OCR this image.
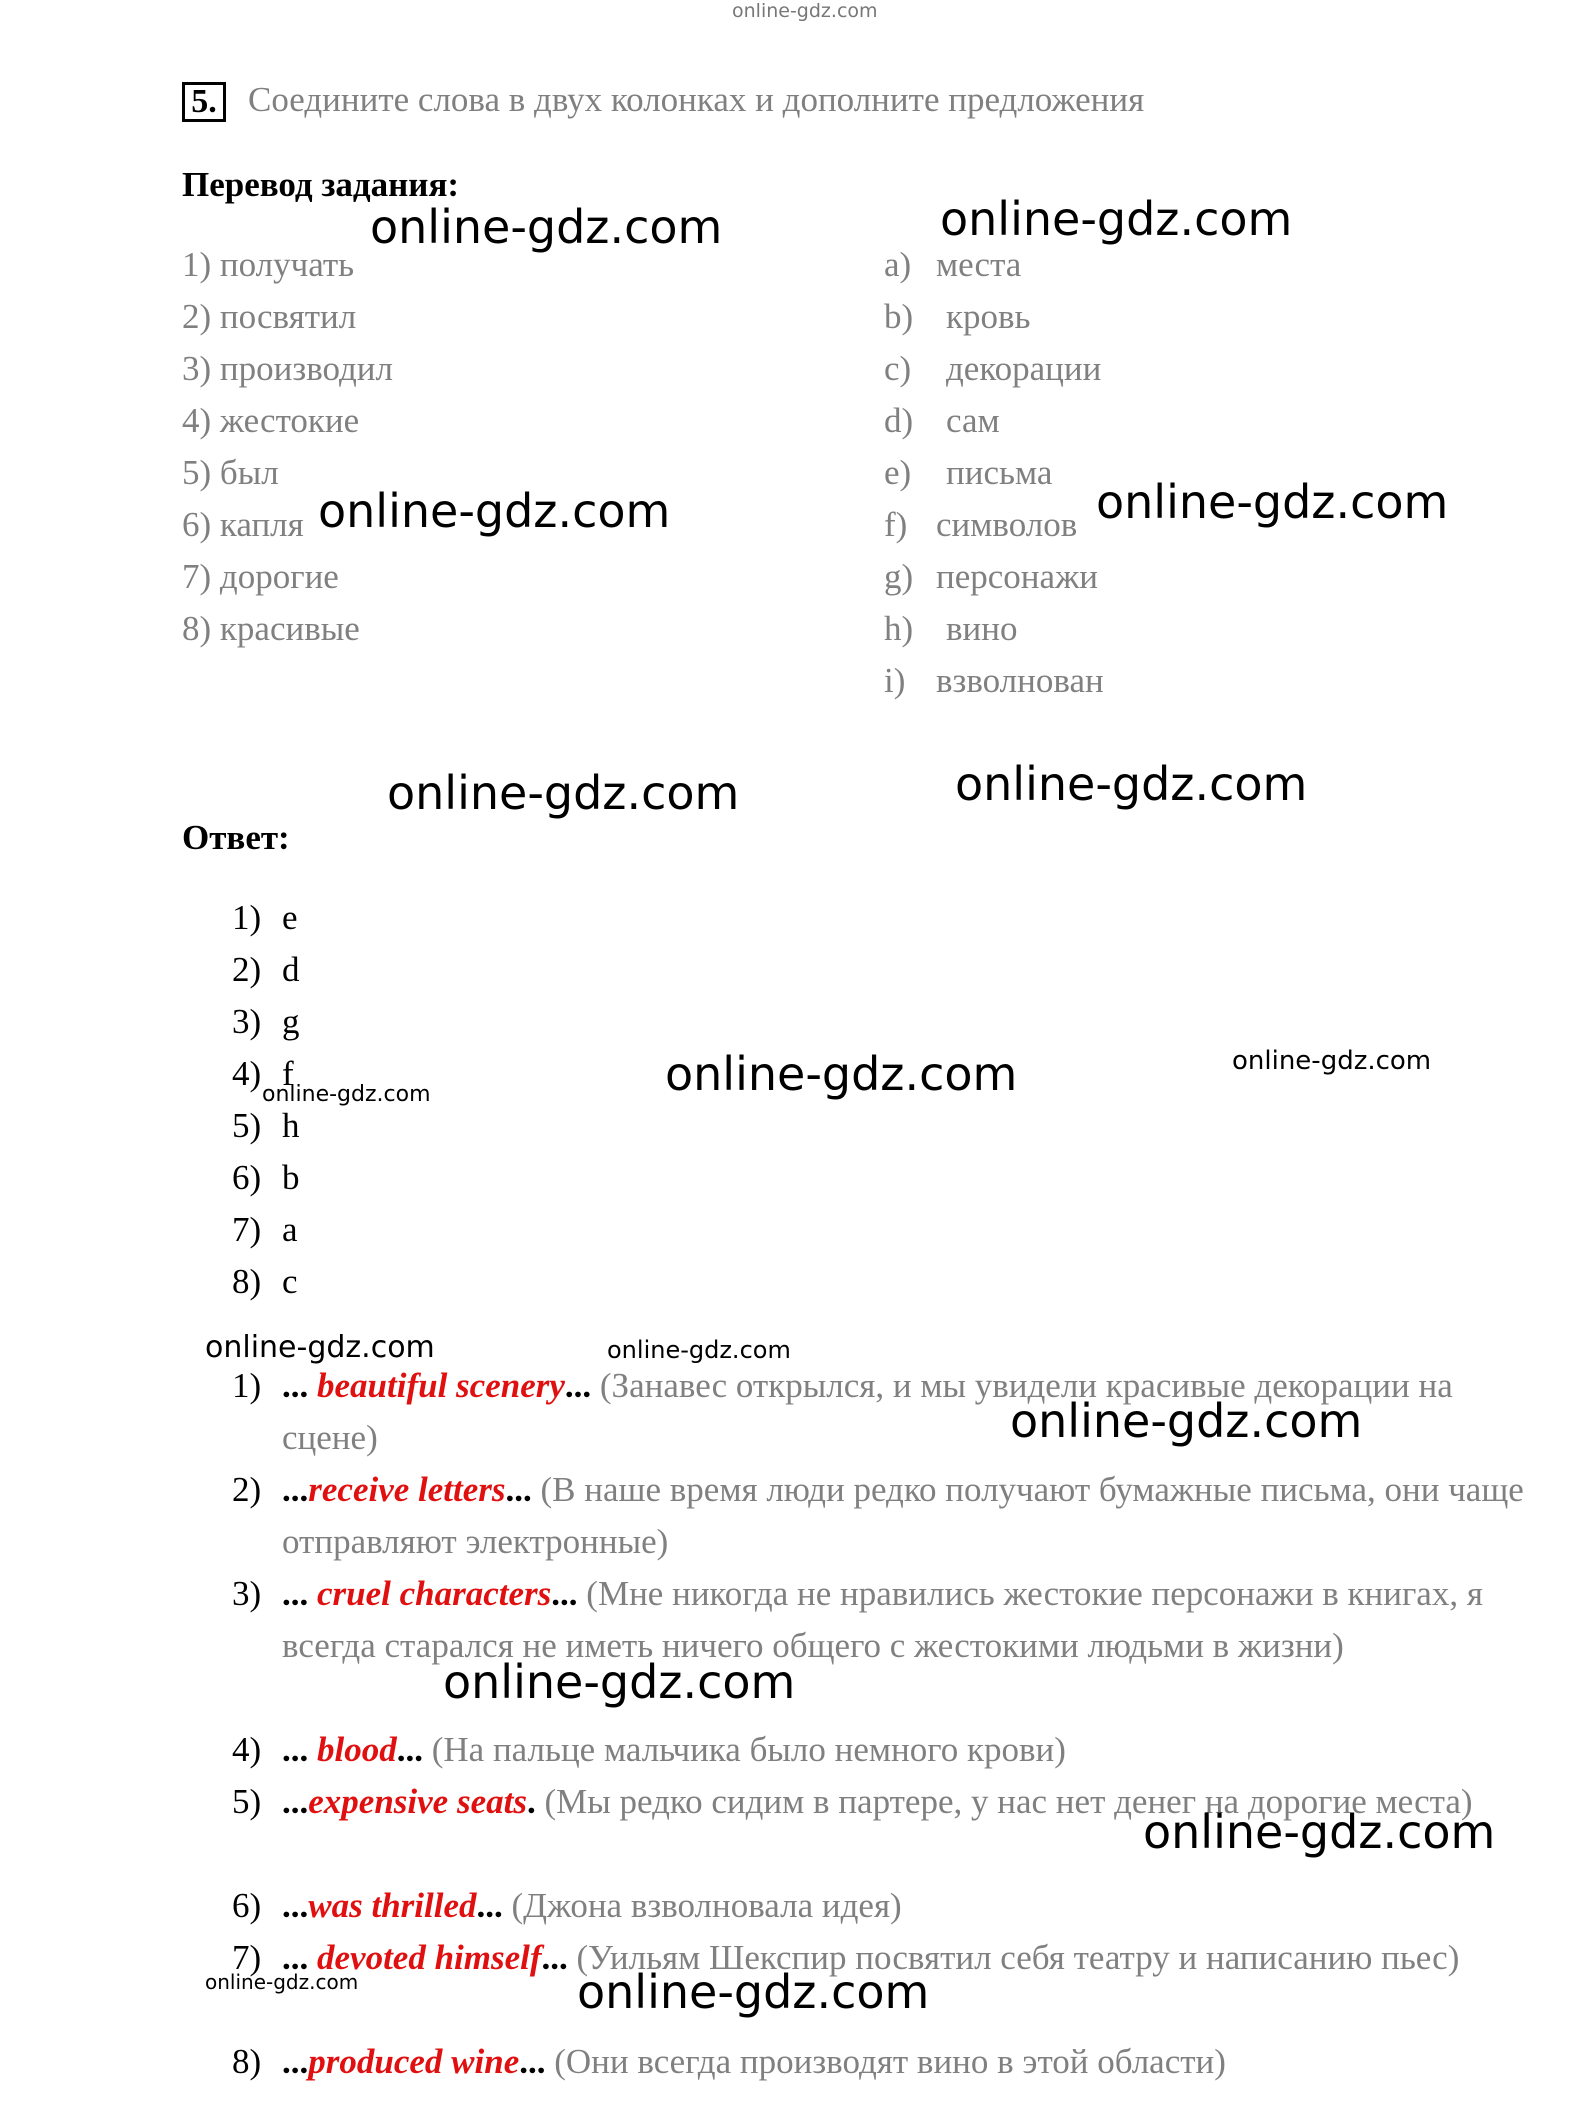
online-gdz.com
5. Соедините слова в двух колонках и дополните предложения
Перевод задания:
1) получать
2) посвятил
3) производил
4) жестокие
5) был
6) капля
7) дорогие
8) красивые
a) места
b) кровь
c) декорации
d) сам
e) письма
f) символов
g) персонажи
h) вино
i) взволнован
Ответ:
1) e
2) d
3) g
4) f
5) h
6) b
7) a
8) c
1) ... beautiful scenery... (Занавес открылся, и мы увидели красивые декорации на сцене)
2) ...receive letters... (В наше время люди редко получают бумажные письма, они чаще отправляют электронные)
3) ... cruel characters... (Мне никогда не нравились жестокие персонажи в книгах, я всегда старался не иметь ничего общего с жестокими людьми в жизни)
4) ... blood... (На пальце мальчика было немного крови)
5) ...expensive seats. (Мы редко сидим в партере, у нас нет денег на дорогие места)
6) ...was thrilled... (Джона взволновала идея)
7) ... devoted himself... (Уильям Шекспир посвятил себя театру и написанию пьес)
8) ...produced wine... (Они всегда производят вино в этой области)
online-gdz.com	online-gdz.com
online-gdz.com	online-gdz.com
online-gdz.com	online-gdz.com
online-gdz.com	online-gdz.com
online-gdz.com
online-gdz.com	online-gdz.com
online-gdz.com
online-gdz.com
online-gdz.com
online-gdz.com	online-gdz.com
